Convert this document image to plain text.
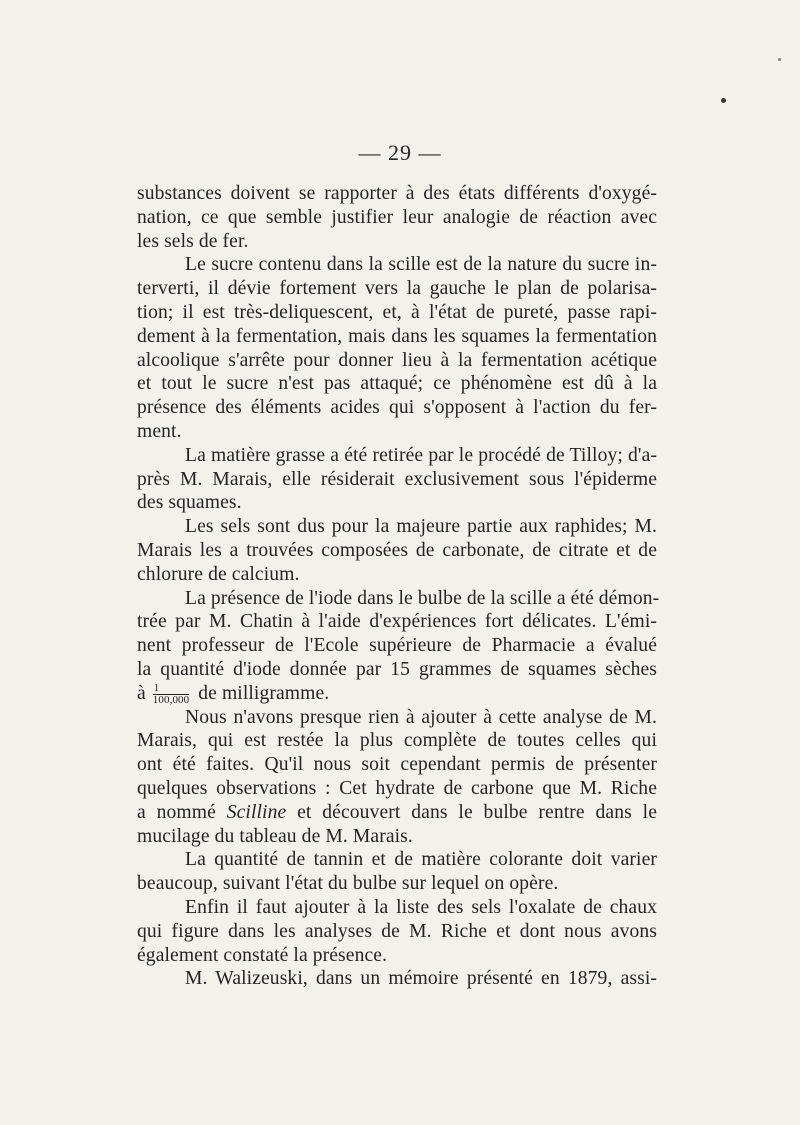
— 29 —

substances doivent se rapporter à des états différents d'oxygé-
nation, ce que semble justifier leur analogie de réaction avec
les sels de fer.

Le sucre contenu dans la scille est de la nature du sucre in-
terverti, il dévie fortement vers la gauche le plan de polarisa-
tion; il est très-deliquescent, et, à l'état de pureté, passe rapi-
dement à la fermentation, mais dans les squames la fermentation
alcoolique s'arrête pour donner lieu à la fermentation acétique
et tout le sucre n'est pas attaqué; ce phénomène est dû à la
présence des éléments acides qui s'opposent à l'action du fer-
ment.

La matière grasse a été retirée par le procédé de Tilloy; d'a-
près M. Marais, elle résiderait exclusivement sous l'épiderme
des squames.

Les sels sont dus pour la majeure partie aux raphides; M.
Marais les a trouvées composées de carbonate, de citrate et de
chlorure de calcium.

La présence de l'iode dans le bulbe de la scille a été démon-
trée par M. Chatin à l'aide d'expériences fort délicates. L'émi-
nent professeur de l'Ecole supérieure de Pharmacie a évalué
la quantité d'iode donnée par 15 grammes de squames sèches
à $\frac{1}{100,000}$ de milligramme.

Nous n'avons presque rien à ajouter à cette analyse de M.
Marais, qui est restée la plus complète de toutes celles qui
ont été faites. Qu'il nous soit cependant permis de présenter
quelques observations : Cet hydrate de carbone que M. Riche
a nommé Scilline et découvert dans le bulbe rentre dans le
mucilage du tableau de M. Marais.

La quantité de tannin et de matière colorante doit varier
beaucoup, suivant l'état du bulbe sur lequel on opère.

Enfin il faut ajouter à la liste des sels l'oxalate de chaux
qui figure dans les analyses de M. Riche et dont nous avons
également constaté la présence.

M. Walizeuski, dans un mémoire présenté en 1879, assi-
